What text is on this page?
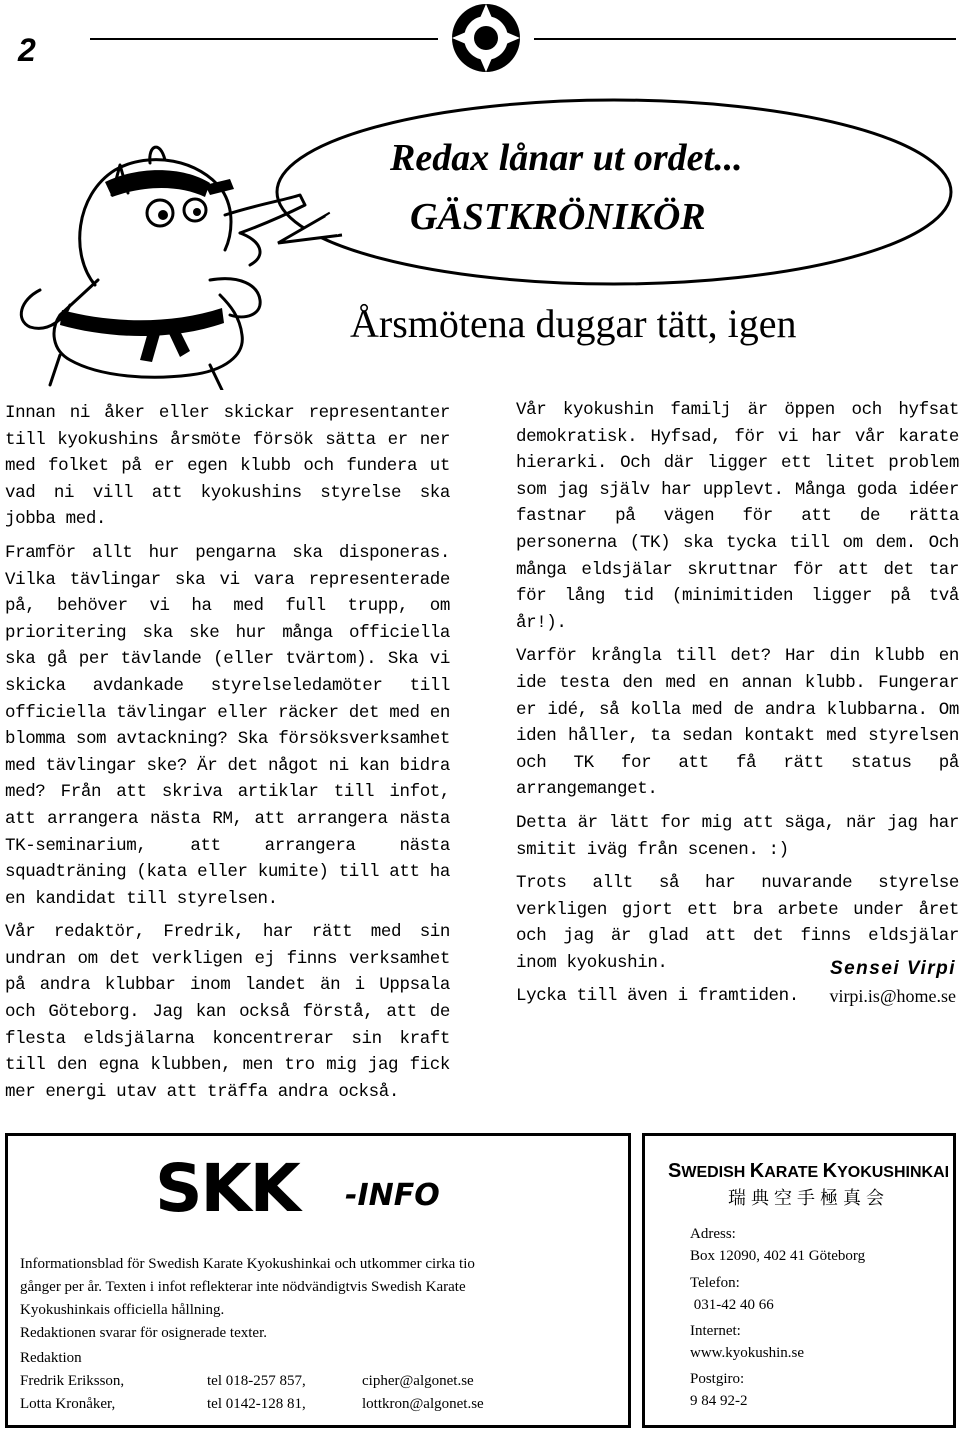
2
Redax lånar ut ordet...
GÄSTKRÖNIKÖR
Årsmötena duggar tätt, igen

Innan ni åker eller skickar representanter till kyokushins årsmöte försök sätta er ner med folket på er egen klubb och fundera ut vad ni vill att kyokushins styrelse ska jobba med.

Framför allt hur pengarna ska disponeras. Vilka tävlingar ska vi vara representerade på, behöver vi ha med full trupp, om prioritering ska ske hur många officiella ska gå per tävlande (eller tvärtom). Ska vi skicka avdankade styrelseledamöter till officiella tävlingar eller räcker det med en blomma som avtackning? Ska försöksverksamhet med tävlingar ske? Är det något ni kan bidra med? Från att skriva artiklar till infot, att arrangera nästa RM, att arrangera nästa TK-seminarium, att arrangera nästa squadträning (kata eller kumite) till att ha en kandidat till styrelsen.

Vår redaktör, Fredrik, har rätt med sin undran om det verkligen ej finns verksamhet på andra klubbar inom landet än i Uppsala och Göteborg. Jag kan också förstå, att de flesta eldsjälarna koncentrerar sin kraft till den egna klubben, men tro mig jag fick mer energi utav att träffa andra också.

Vår kyokushin familj är öppen och hyfsat demokratisk. Hyfsad, för vi har vår karate hierarki. Och där ligger ett litet problem som jag själv har upplevt. Många goda idéer fastnar på vägen för att de rätta personerna (TK) ska tycka till om dem. Och många eldsjälar skruttnar för att det tar för lång tid (minimitiden ligger på två år!).

Varför krångla till det? Har din klubb en ide testa den med en annan klubb. Fungerar er idé, så kolla med de andra klubbarna. Om iden håller, ta sedan kontakt med styrelsen och TK for att få rätt status på arrangemanget.

Detta är lätt for mig att säga, när jag har smitit iväg från scenen. :)

Trots allt så har nuvarande styrelse verkligen gjort ett bra arbete under året och jag är glad att det finns eldsjälar inom kyokushin.

Lycka till även i framtiden.

Sensei Virpi
virpi.is@home.se
SKK -INFO
Informationsblad för Swedish Karate Kyokushinkai och utkommer cirka tio
gånger per år. Texten i infot reflekterar inte nödvändigtvis Swedish Karate
Kyokushinkais officiella hållning.
Redaktionen svarar för osignerade texter.
Redaktion
Fredrik Eriksson,	tel 018-257 857,	cipher@algonet.se
Lotta Kronåker,	tel 0142-128 81,	lottkron@algonet.se
SWEDISH KARATE KYOKUSHINKAI
瑞典空手極真会
Adress:
Box 12090, 402 41 Göteborg
Telefon:
031-42 40 66
Internet:
www.kyokushin.se
Postgiro:
9 84 92-2
